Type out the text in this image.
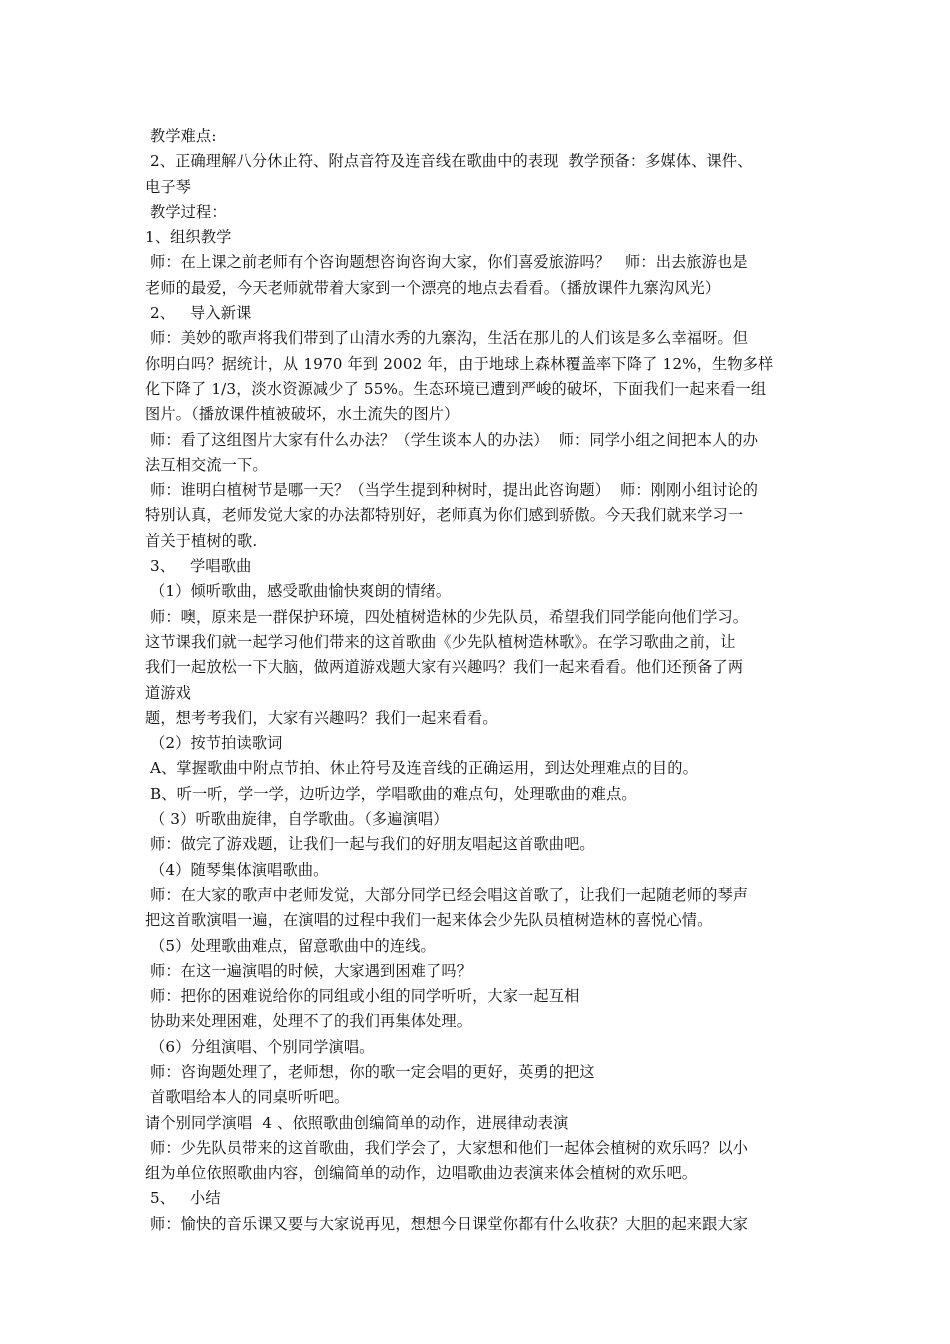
教学难点:
2、正确理解八分休止符、附点音符及连音线在歌曲中的表现  教学预备：多媒体、课件、
电子琴
教学过程：
1、组织教学
师：在上课之前老师有个咨询题想咨询咨询大家，你们喜爱旅游吗？   师：出去旅游也是
老师的最爱，今天老师就带着大家到一个漂亮的地点去看看。（播放课件九寨沟风光）
2、   导入新课
师：美妙的歌声将我们带到了山清水秀的九寨沟，生活在那儿的人们该是多么幸福呀。但
你明白吗？据统计，从 1970 年到 2002 年，由于地球上森林覆盖率下降了 12%，生物多样
化下降了 1/3，淡水资源减少了 55%。生态环境已遭到严峻的破坏，下面我们一起来看一组
图片。（播放课件植被破坏，水土流失的图片）
师：看了这组图片大家有什么办法？（学生谈本人的办法）  师：同学小组之间把本人的办
法互相交流一下。
师：谁明白植树节是哪一天？（当学生提到种树时，提出此咨询题）  师：刚刚小组讨论的
特别认真，老师发觉大家的办法都特别好，老师真为你们感到骄傲。今天我们就来学习一
首关于植树的歌.
3、   学唱歌曲
（1）倾听歌曲，感受歌曲愉快爽朗的情绪。
师：噢，原来是一群保护环境，四处植树造林的少先队员，希望我们同学能向他们学习。
这节课我们就一起学习他们带来的这首歌曲《少先队植树造林歌》。在学习歌曲之前，让
我们一起放松一下大脑，做两道游戏题大家有兴趣吗？我们一起来看看。他们还预备了两
道游戏
题，想考考我们，大家有兴趣吗？我们一起来看看。
（2）按节拍读歌词
A、掌握歌曲中附点节拍、休止符号及连音线的正确运用，到达处理难点的目的。
B、听一听，学一学，边听边学，学唱歌曲的难点句，处理歌曲的难点。
（ 3）听歌曲旋律，自学歌曲。（多遍演唱）
师：做完了游戏题，让我们一起与我们的好朋友唱起这首歌曲吧。
（4）随琴集体演唱歌曲。
师：在大家的歌声中老师发觉，大部分同学已经会唱这首歌了，让我们一起随老师的琴声
把这首歌演唱一遍，在演唱的过程中我们一起来体会少先队员植树造林的喜悦心情。
（5）处理歌曲难点，留意歌曲中的连线。
师：在这一遍演唱的时候，大家遇到困难了吗？
师：把你的困难说给你的同组或小组的同学听听，大家一起互相
协助来处理困难，处理不了的我们再集体处理。
（6）分组演唱、个别同学演唱。
师：咨询题处理了，老师想，你的歌一定会唱的更好，英勇的把这
首歌唱给本人的同桌听听吧。
请个别同学演唱  4 、依照歌曲创编简单的动作，进展律动表演
师：少先队员带来的这首歌曲，我们学会了，大家想和他们一起体会植树的欢乐吗？以小
组为单位依照歌曲内容，创编简单的动作，边唱歌曲边表演来体会植树的欢乐吧。
5、   小结
师：愉快的音乐课又要与大家说再见，想想今日课堂你都有什么收获？大胆的起来跟大家
